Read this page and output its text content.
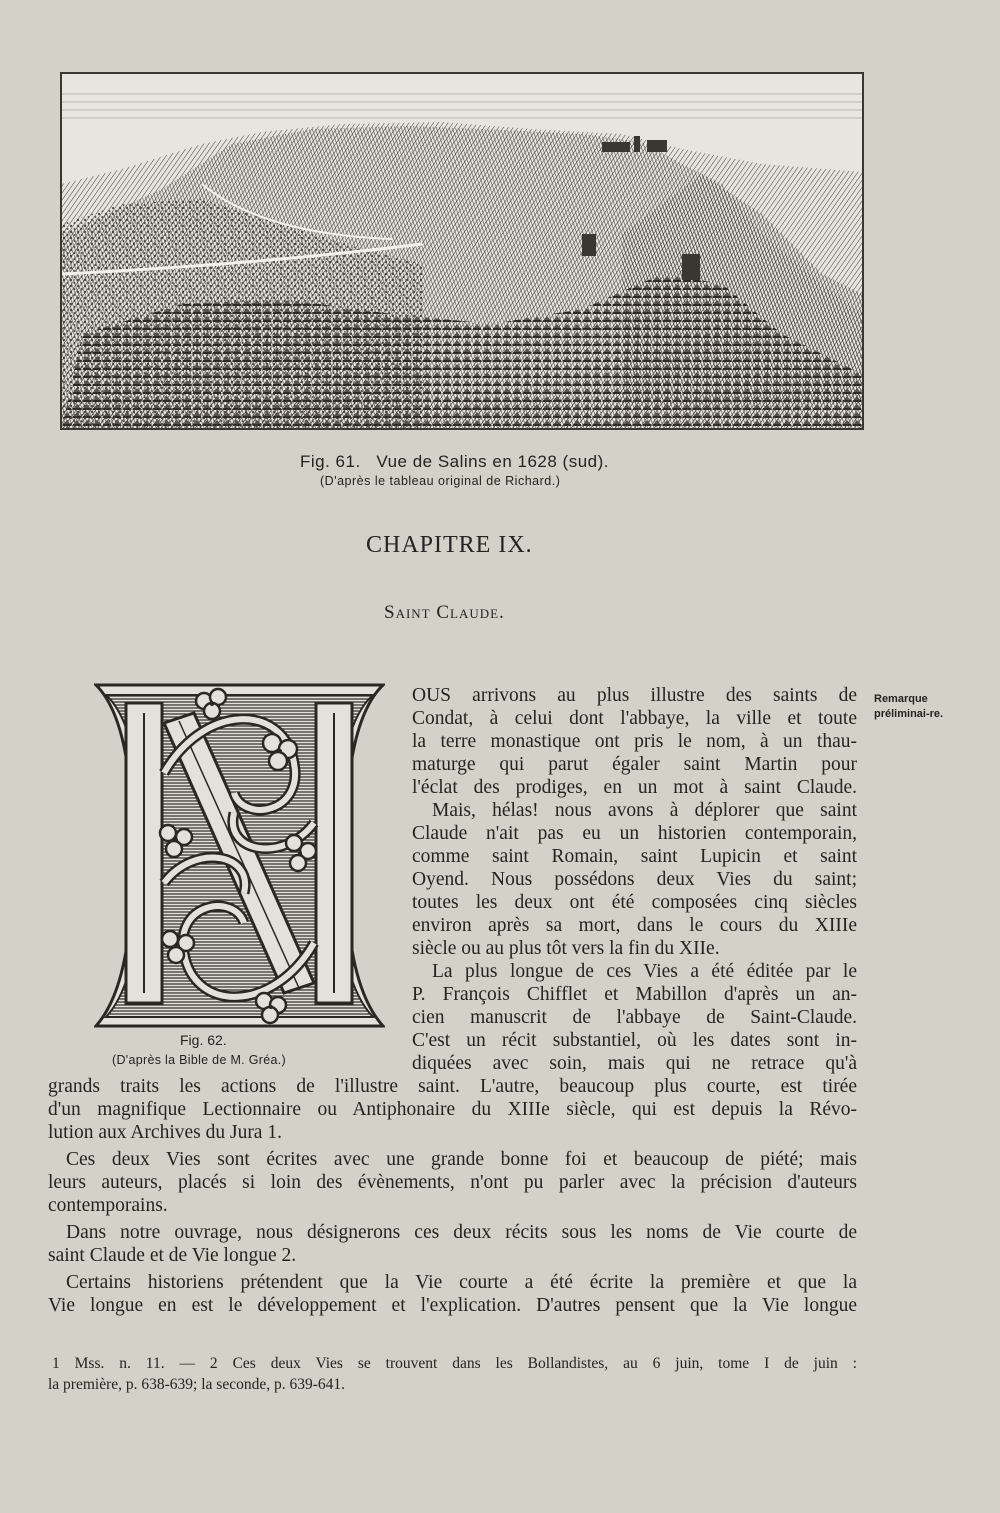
Fig. 61.   Vue de Salins en 1628 (sud).
(D'après le tableau original de Richard.)
CHAPITRE IX.
Saint Claude.
Fig. 62.
(D'après la Bible de M. Gréa.)
Remarque préliminai-re.
OUS arrivons au plus illustre des saints de
Condat, à celui dont l'abbaye, la ville et toute
la terre monastique ont pris le nom, à un thau-
maturge qui parut égaler saint Martin pour
l'éclat des prodiges, en un mot à saint Claude.
Mais, hélas! nous avons à déplorer que saint
Claude n'ait pas eu un historien contemporain,
comme saint Romain, saint Lupicin et saint
Oyend. Nous possédons deux Vies du saint;
toutes les deux ont été composées cinq siècles
environ après sa mort, dans le cours du XIIIe
siècle ou au plus tôt vers la fin du XIIe.
La plus longue de ces Vies a été éditée par le
P. François Chifflet et Mabillon d'après un an-
cien manuscrit de l'abbaye de Saint-Claude.
C'est un récit substantiel, où les dates sont in-
diquées avec soin, mais qui ne retrace qu'à
grands traits les actions de l'illustre saint. L'autre, beaucoup plus courte, est tirée
d'un magnifique Lectionnaire ou Antiphonaire du XIIIe siècle, qui est depuis la Révo-
lution aux Archives du Jura 1.
Ces deux Vies sont écrites avec une grande bonne foi et beaucoup de piété; mais
leurs auteurs, placés si loin des évènements, n'ont pu parler avec la précision d'auteurs
contemporains.
Dans notre ouvrage, nous désignerons ces deux récits sous les noms de Vie courte de
saint Claude et de Vie longue 2.
Certains historiens prétendent que la Vie courte a été écrite la première et que la
Vie longue en est le développement et l'explication. D'autres pensent que la Vie longue
1 Mss. n. 11. — 2 Ces deux Vies se trouvent dans les Bollandistes, au 6 juin, tome I de juin :
la première, p. 638-639; la seconde, p. 639-641.
